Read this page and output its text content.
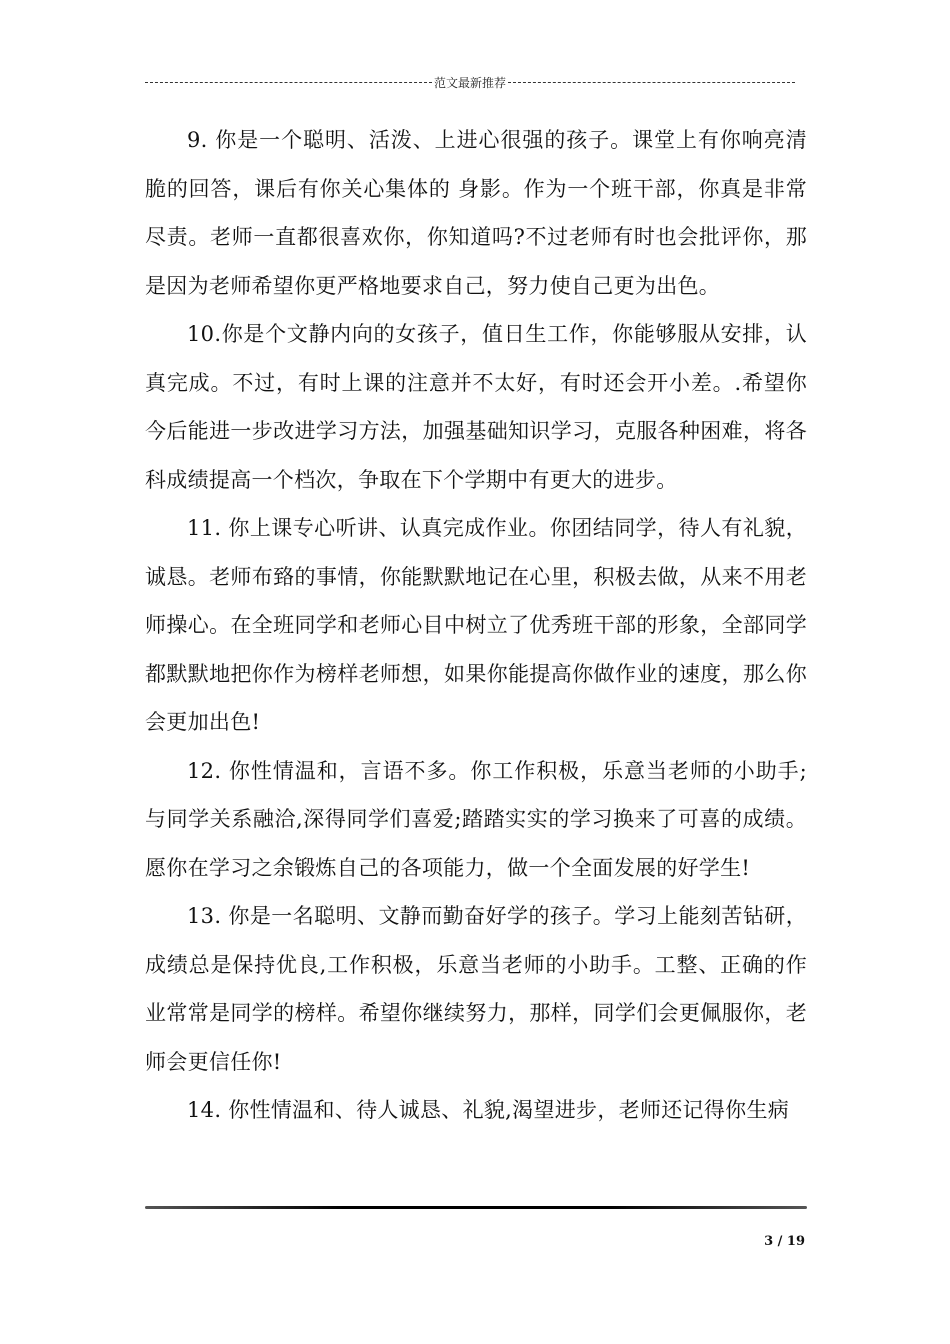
范文最新推荐

9. 你是一个聪明、活泼、上进心很强的孩子。课堂上有你响亮清脆的回答，课后有你关心集体的 身影。作为一个班干部，你真是非常尽责。老师一直都很喜欢你，你知道吗?不过老师有时也会批评你，那是因为老师希望你更严格地要求自己，努力使自己更为出色。

10.你是个文静内向的女孩子，值日生工作，你能够服从安排，认真完成。不过，有时上课的注意并不太好，有时还会开小差。.希望你今后能进一步改进学习方法，加强基础知识学习，克服各种困难，将各科成绩提高一个档次，争取在下个学期中有更大的进步。

11. 你上课专心听讲、认真完成作业。你团结同学，待人有礼貌，诚恳。老师布臵的事情，你能默默地记在心里，积极去做，从来不用老师操心。在全班同学和老师心目中树立了优秀班干部的形象，全部同学都默默地把你作为榜样老师想，如果你能提高你做作业的速度，那么你会更加出色!

12. 你性情温和，言语不多。你工作积极，乐意当老师的小助手;与同学关系融洽,深得同学们喜爱;踏踏实实的学习换来了可喜的成绩。愿你在学习之余锻炼自己的各项能力，做一个全面发展的好学生!

13. 你是一名聪明、文静而勤奋好学的孩子。学习上能刻苦钻研，成绩总是保持优良,工作积极，乐意当老师的小助手。工整、正确的作业常常是同学的榜样。希望你继续努力，那样，同学们会更佩服你，老师会更信任你!

14. 你性情温和、待人诚恳、礼貌,渴望进步，老师还记得你生病

3 / 19
